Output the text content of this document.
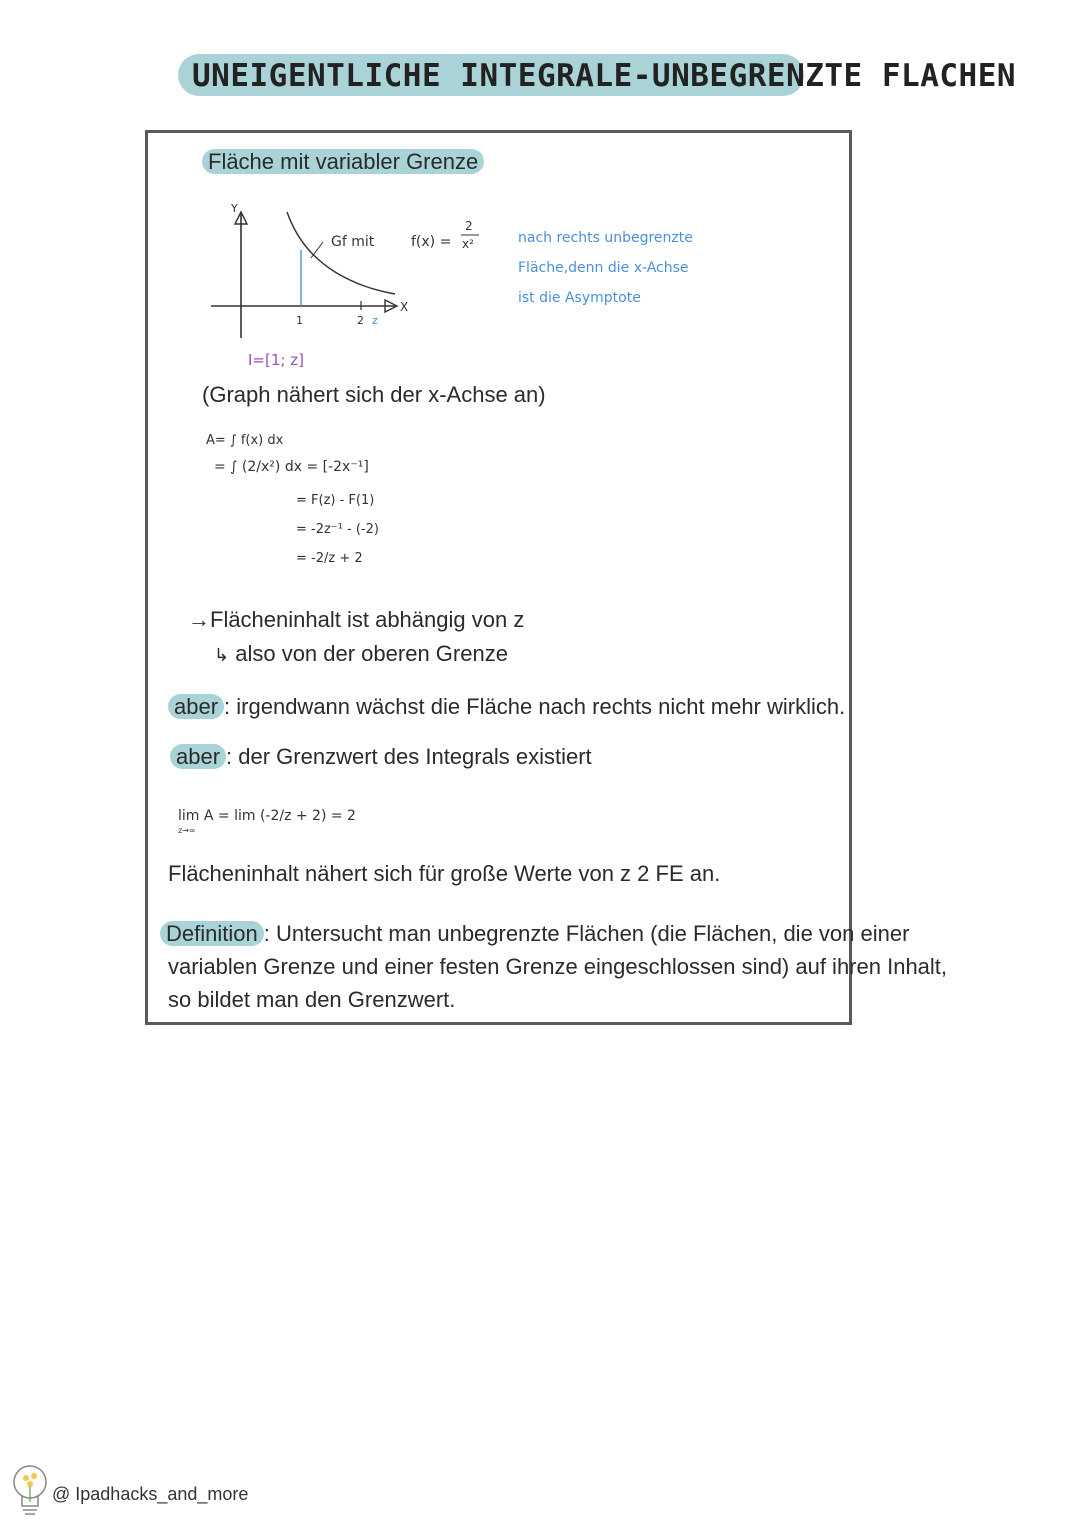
UNEIGENTLICHE INTEGRALE-UNBEGRENZTE FLACHEN
Fläche mit variabler Grenze
Y
X
1	2 z
Gf mit	f(x) =
2
x²	nach rechts unbegrenzte
Fläche,denn die x-Achse
ist die Asymptote
I=[1; z]
(Graph nähert sich der x-Achse an)
A= ∫ f(x) dx
= ∫ (2/x²) dx = [-2x⁻¹]
= F(z) - F(1)
= -2z⁻¹ - (-2)
= -2/z + 2
→Flächeninhalt ist abhängig von z
↳ also von der oberen Grenze
aber : irgendwann wächst die Fläche nach rechts nicht mehr wirklich.
aber : der Grenzwert des Integrals existiert
lim A = lim (-2/z + 2) = 2
z→∞
Flächeninhalt nähert sich für große Werte von z 2 FE an.
Definition : Untersucht man unbegrenzte Flächen (die Flächen, die von einer
variablen Grenze und einer festen Grenze eingeschlossen sind) auf ihren Inhalt,
so bildet man den Grenzwert.
@ Ipadhacks_and_more
